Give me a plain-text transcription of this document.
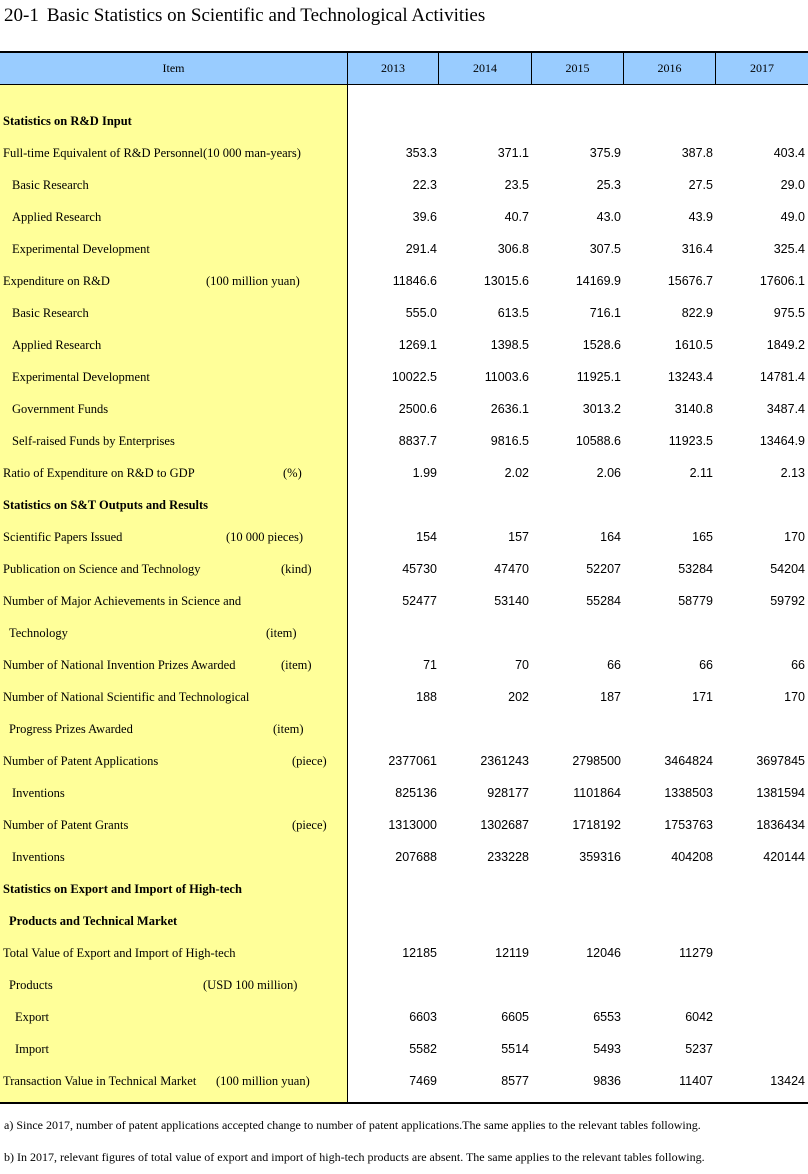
20-1 Basic Statistics on Scientific and Technological Activities
Item	2013	2014	2015	2016	2017
Statistics on R&D Input
Full-time Equivalent of R&D Personnel(10 000 man-years)	353.3	371.1	375.9	387.8	403.4
Basic Research	22.3	23.5	25.3	27.5	29.0
Applied Research	39.6	40.7	43.0	43.9	49.0
Experimental Development	291.4	306.8	307.5	316.4	325.4
Expenditure on R&D	(100 million yuan)	11846.6	13015.6	14169.9	15676.7	17606.1
Basic Research	555.0	613.5	716.1	822.9	975.5
Applied Research	1269.1	1398.5	1528.6	1610.5	1849.2
Experimental Development	10022.5	11003.6	11925.1	13243.4	14781.4
Government Funds	2500.6	2636.1	3013.2	3140.8	3487.4
Self-raised Funds by Enterprises	8837.7	9816.5	10588.6	11923.5	13464.9
Ratio of Expenditure on R&D to GDP	(%)	1.99	2.02	2.06	2.11	2.13
Statistics on S&T Outputs and Results
Scientific Papers Issued	(10 000 pieces)	154	157	164	165	170
Publication on Science and Technology	(kind)	45730	47470	52207	53284	54204
Number of Major Achievements in Science and	52477	53140	55284	58779	59792
Technology	(item)
Number of National Invention Prizes Awarded	(item)	71	70	66	66	66
Number of National Scientific and Technological	188	202	187	171	170
Progress Prizes Awarded	(item)
Number of Patent Applications	(piece)	2377061	2361243	2798500	3464824	3697845
Inventions	825136	928177	1101864	1338503	1381594
Number of Patent Grants	(piece)	1313000	1302687	1718192	1753763	1836434
Inventions	207688	233228	359316	404208	420144
Statistics on Export and Import of High-tech
Products and Technical Market
Total Value of Export and Import of High-tech	12185	12119	12046	11279
Products	(USD 100 million)
Export	6603	6605	6553	6042
Import	5582	5514	5493	5237
Transaction Value in Technical Market (100 million yuan)	7469	8577	9836	11407	13424
a) Since 2017, number of patent applications accepted change to number of patent applications.The same applies to the relevant tables following.
b) In 2017, relevant figures of total value of export and import of high-tech products are absent. The same applies to the relevant tables following.
